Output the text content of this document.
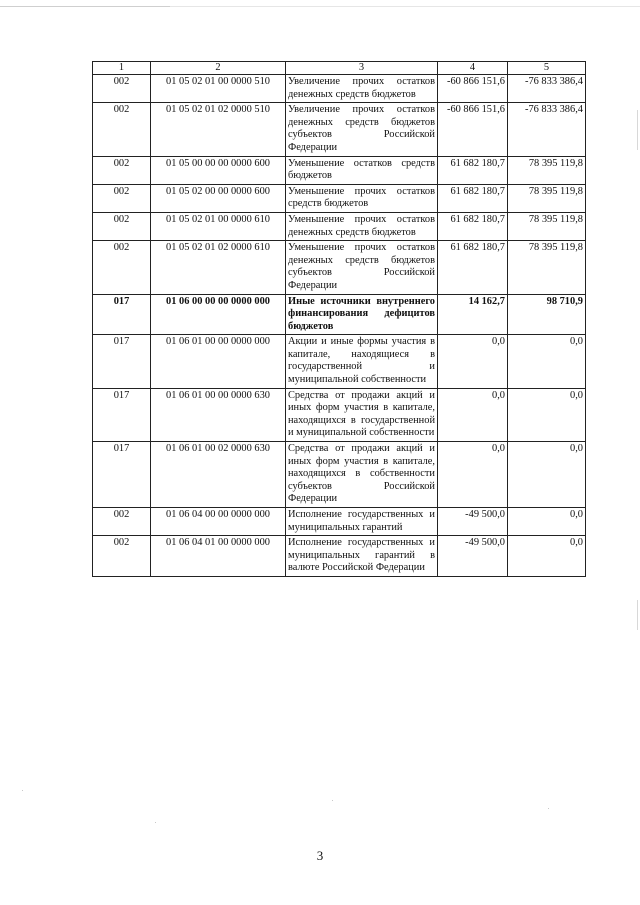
1	2	3	4	5
002	01 05 02 01 00 0000 510	Увеличение прочих остатков денежных средств бюджетов	-60 866 151,6	-76 833 386,4
002	01 05 02 01 02 0000 510	Увеличение прочих остатков денежных средств бюджетов субъектов Российской Федерации	-60 866 151,6	-76 833 386,4
002	01 05 00 00 00 0000 600	Уменьшение остатков средств бюджетов	61 682 180,7	78 395 119,8
002	01 05 02 00 00 0000 600	Уменьшение прочих остатков средств бюджетов	61 682 180,7	78 395 119,8
002	01 05 02 01 00 0000 610	Уменьшение прочих остатков денежных средств бюджетов	61 682 180,7	78 395 119,8
002	01 05 02 01 02 0000 610	Уменьшение прочих остатков денежных средств бюджетов субъектов Российской Федерации	61 682 180,7	78 395 119,8
017	01 06 00 00 00 0000 000	Иные источники внутреннего финансирования дефицитов бюджетов	14 162,7	98 710,9
017	01 06 01 00 00 0000 000	Акции и иные формы участия в капитале, находящиеся в государственной и муниципальной собственности	0,0	0,0
017	01 06 01 00 00 0000 630	Средства от продажи акций и иных форм участия в капитале, находящихся в государственной и муниципальной собственности	0,0	0,0
017	01 06 01 00 02 0000 630	Средства от продажи акций и иных форм участия в капитале, находящихся в собственности субъектов Российской Федерации	0,0	0,0
002	01 06 04 00 00 0000 000	Исполнение государственных и муниципальных гарантий	-49 500,0	0,0
002	01 06 04 01 00 0000 000	Исполнение государственных и муниципальных гарантий в валюте Российской Федерации	-49 500,0	0,0
3
